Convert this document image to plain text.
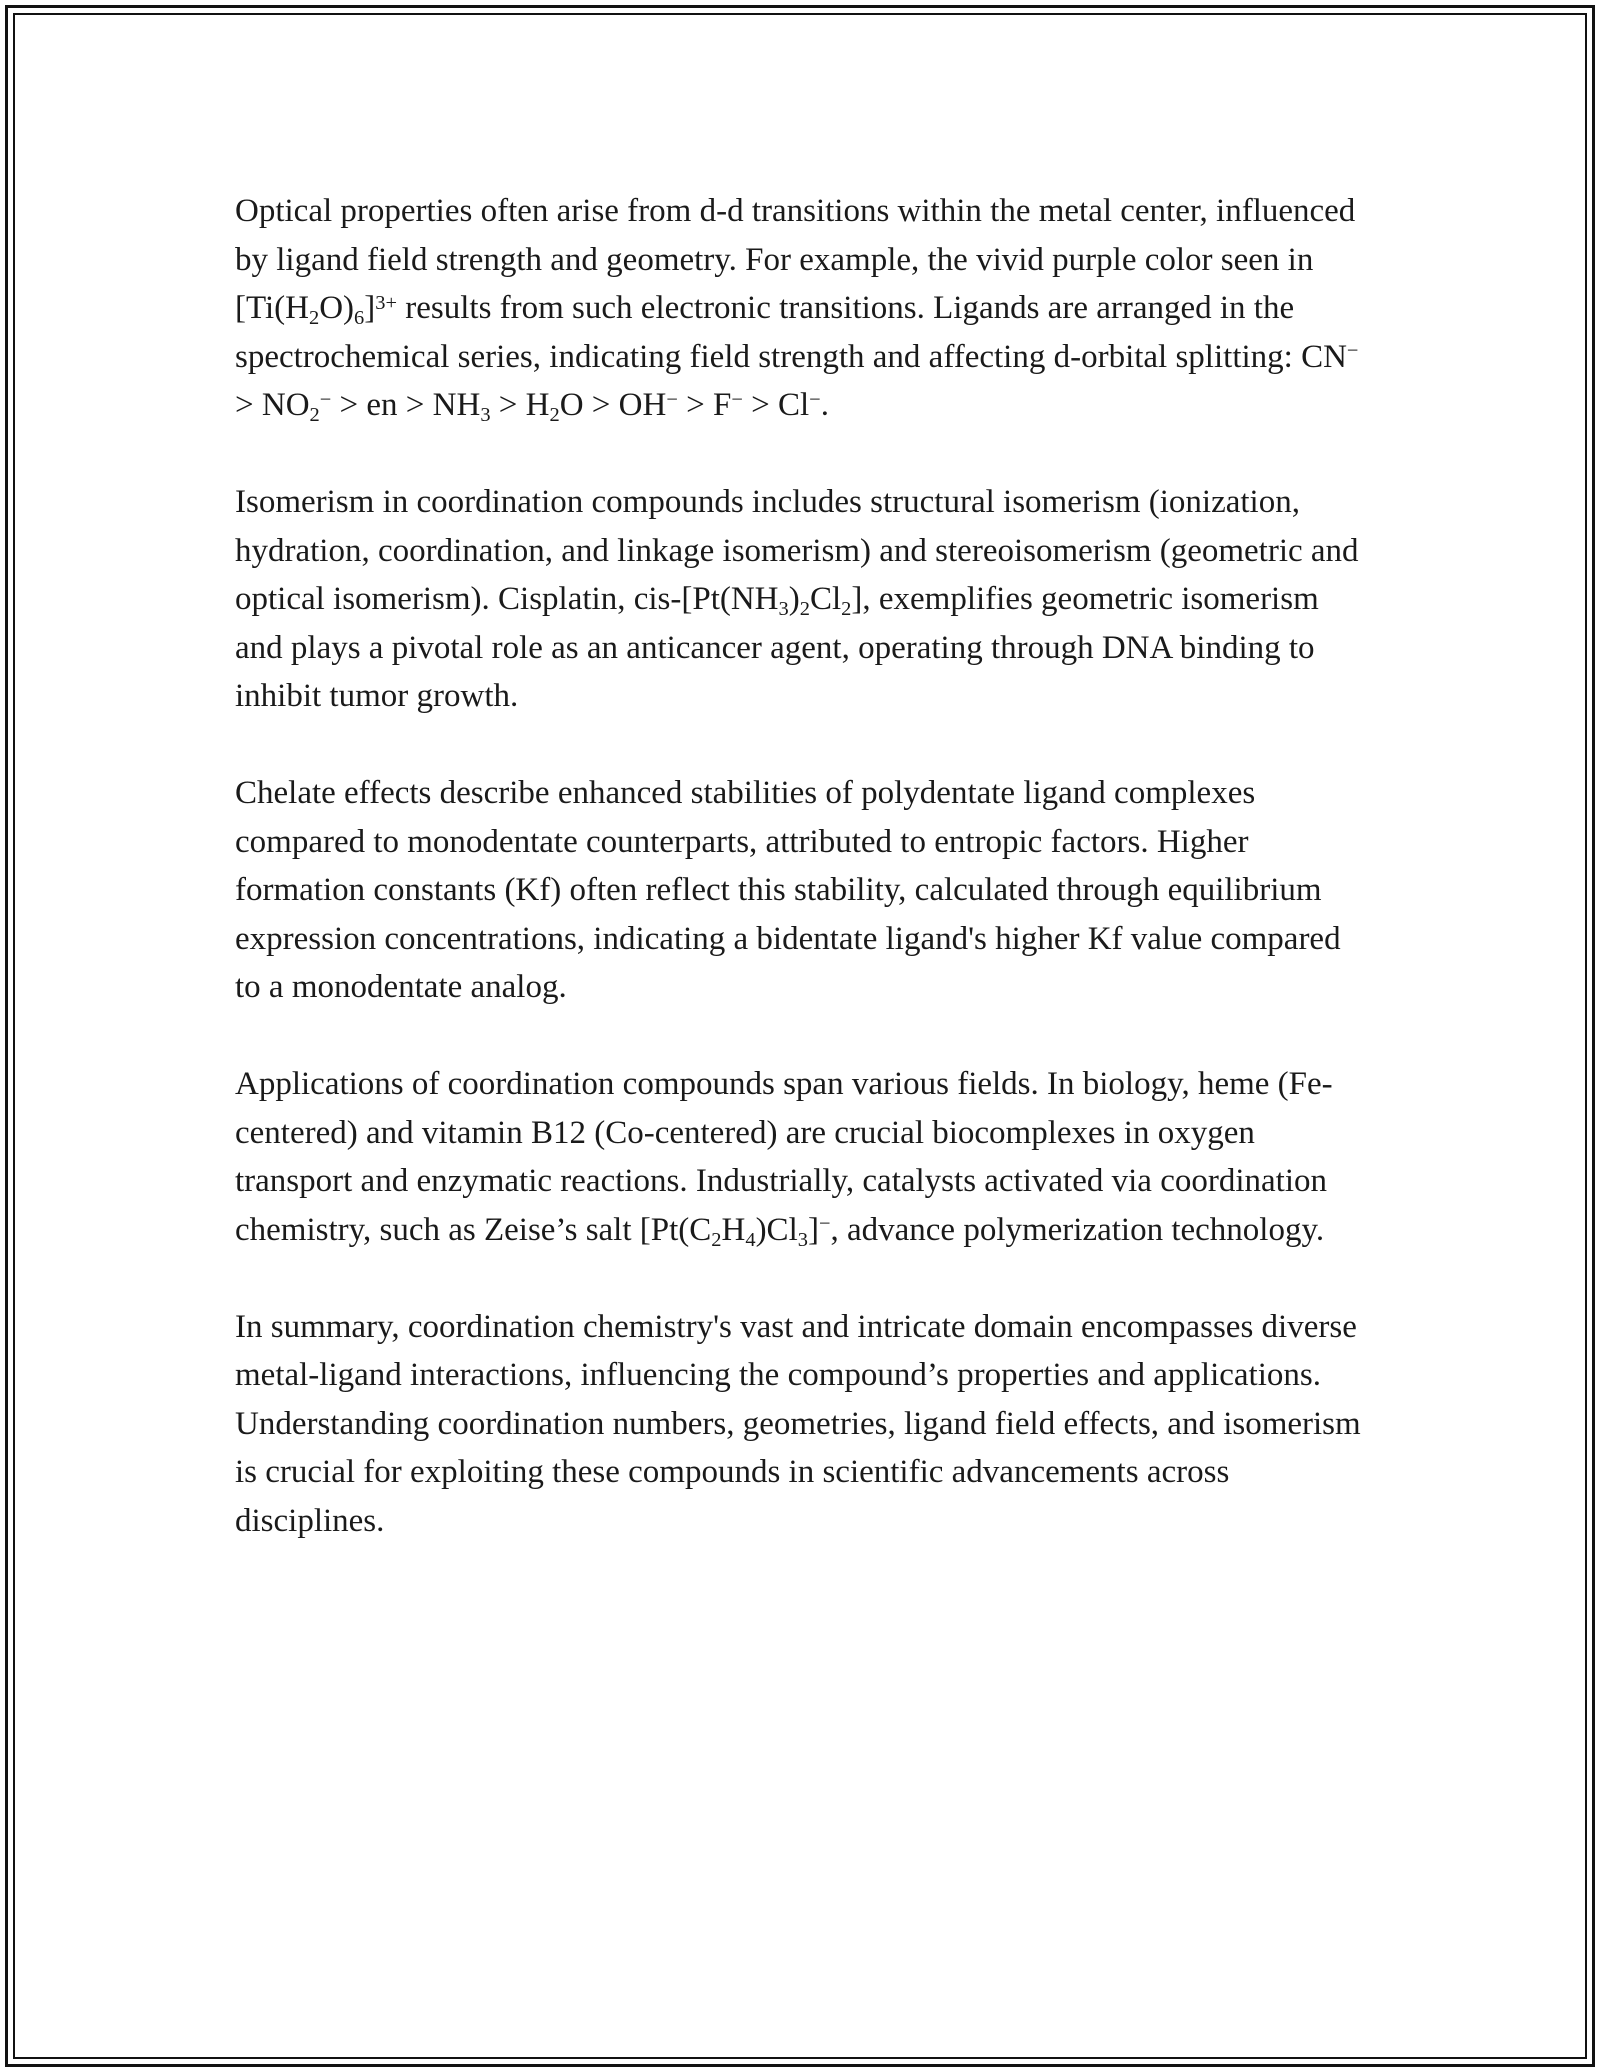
Optical properties often arise from d-d transitions within the metal center, influenced by ligand field strength and geometry. For example, the vivid purple color seen in $[Ti(H_2O)_6]^{3+}$ results from such electronic transitions. Ligands are arranged in the spectrochemical series, indicating field strength and affecting d-orbital splitting: $CN^- > NO_2^-$ > en > $NH_3 > H_2O > OH^- > F^- > Cl^-$.

Isomerism in coordination compounds includes structural isomerism (ionization, hydration, coordination, and linkage isomerism) and stereoisomerism (geometric and optical isomerism). Cisplatin, cis-$[Pt(NH_3)_2Cl_2]$, exemplifies geometric isomerism and plays a pivotal role as an anticancer agent, operating through DNA binding to inhibit tumor growth.

Chelate effects describe enhanced stabilities of polydentate ligand complexes compared to monodentate counterparts, attributed to entropic factors. Higher formation constants (Kf) often reflect this stability, calculated through equilibrium expression concentrations, indicating a bidentate ligand's higher Kf value compared to a monodentate analog.

Applications of coordination compounds span various fields. In biology, heme (Fe-centered) and vitamin B12 (Co-centered) are crucial biocomplexes in oxygen transport and enzymatic reactions. Industrially, catalysts activated via coordination chemistry, such as Zeise’s salt $[Pt(C_2H_4)Cl_3]^-$, advance polymerization technology.

In summary, coordination chemistry's vast and intricate domain encompasses diverse metal-ligand interactions, influencing the compound’s properties and applications. Understanding coordination numbers, geometries, ligand field effects, and isomerism is crucial for exploiting these compounds in scientific advancements across disciplines.
